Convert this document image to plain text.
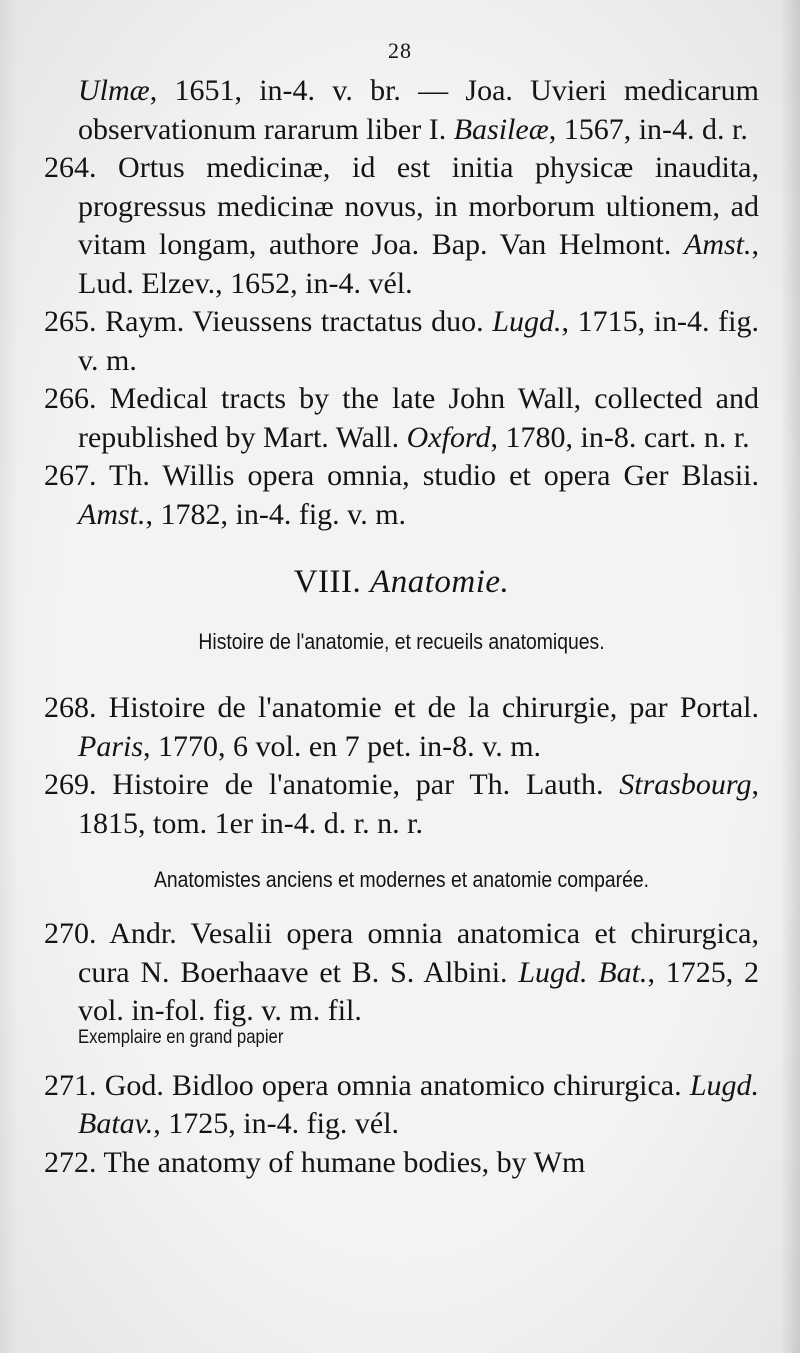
28

Ulmæ, 1651, in-4. v. br. — Joa. Uvieri medicarum observationum rararum liber I. Basileæ, 1567, in-4. d. r.

264. Ortus medicinæ, id est initia physicæ inaudita, progressus medicinæ novus, in morborum ultionem, ad vitam longam, authore Joa. Bap. Van Helmont. Amst., Lud. Elzev., 1652, in-4. vél.

265. Raym. Vieussens tractatus duo. Lugd., 1715, in-4. fig. v. m.

266. Medical tracts by the late John Wall, collected and republished by Mart. Wall. Oxford, 1780, in-8. cart. n. r.

267. Th. Willis opera omnia, studio et opera Ger Blasii. Amst., 1782, in-4. fig. v. m.

VIII. Anatomie.
Histoire de l'anatomie, et recueils anatomiques.

268. Histoire de l'anatomie et de la chirurgie, par Portal. Paris, 1770, 6 vol. en 7 pet. in-8. v. m.

269. Histoire de l'anatomie, par Th. Lauth. Strasbourg, 1815, tom. 1er in-4. d. r. n. r.

Anatomistes anciens et modernes et anatomie comparée.

270. Andr. Vesalii opera omnia anatomica et chirurgica, cura N. Boerhaave et B. S. Albini. Lugd. Bat., 1725, 2 vol. in-fol. fig. v. m. fil.

Exemplaire en grand papier

271. God. Bidloo opera omnia anatomico chirurgica. Lugd. Batav., 1725, in-4. fig. vél.

272. The anatomy of humane bodies, by Wm
